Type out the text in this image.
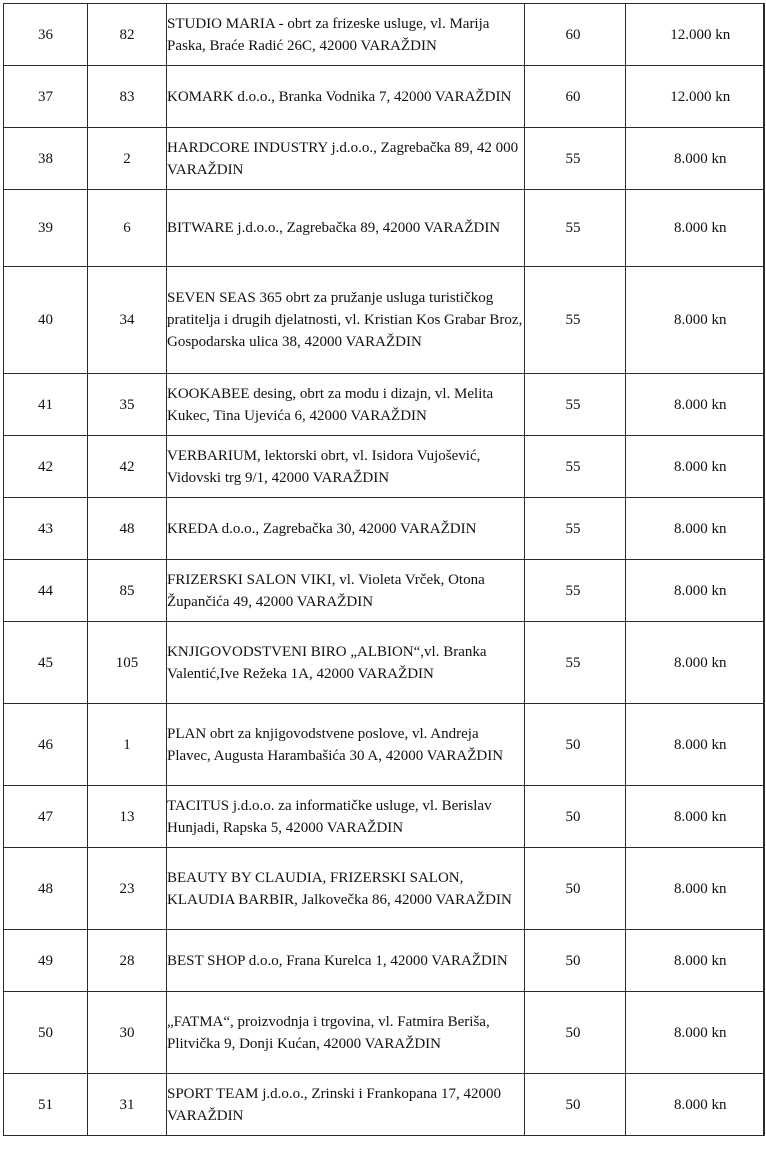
36	82	STUDIO MARIA - obrt za frizeske usluge, vl. Marija Paska, Braće Radić 26C, 42000 VARAŽDIN	60	12.000 kn
37	83	KOMARK d.o.o., Branka Vodnika 7, 42000 VARAŽDIN	60	12.000 kn
38	2	HARDCORE INDUSTRY j.d.o.o., Zagrebačka 89, 42 000 VARAŽDIN	55	8.000 kn
39	6	BITWARE j.d.o.o., Zagrebačka 89, 42000 VARAŽDIN	55	8.000 kn
40	34	SEVEN SEAS 365 obrt za pružanje usluga turističkog pratitelja i drugih djelatnosti, vl. Kristian Kos Grabar Broz, Gospodarska ulica 38, 42000 VARAŽDIN	55	8.000 kn
41	35	KOOKABEE desing, obrt za modu i dizajn, vl. Melita Kukec, Tina Ujevića 6, 42000 VARAŽDIN	55	8.000 kn
42	42	VERBARIUM, lektorski obrt, vl. Isidora Vujošević, Vidovski trg 9/1, 42000 VARAŽDIN	55	8.000 kn
43	48	KREDA d.o.o., Zagrebačka 30, 42000 VARAŽDIN	55	8.000 kn
44	85	FRIZERSKI SALON VIKI, vl. Violeta Vrček, Otona Župančića 49, 42000 VARAŽDIN	55	8.000 kn
45	105	KNJIGOVODSTVENI BIRO „ALBION“,vl. Branka Valentić,Ive Režeka 1A, 42000 VARAŽDIN	55	8.000 kn
46	1	PLAN obrt za knjigovodstvene poslove, vl. Andreja Plavec, Augusta Harambašića 30 A, 42000 VARAŽDIN	50	8.000 kn
47	13	TACITUS j.d.o.o. za informatičke usluge, vl. Berislav Hunjadi, Rapska 5, 42000 VARAŽDIN	50	8.000 kn
48	23	BEAUTY BY CLAUDIA, FRIZERSKI SALON, KLAUDIA BARBIR, Jalkovečka 86, 42000 VARAŽDIN	50	8.000 kn
49	28	BEST SHOP d.o.o, Frana Kurelca 1, 42000 VARAŽDIN	50	8.000 kn
50	30	„FATMA“, proizvodnja i trgovina, vl. Fatmira Beriša, Plitvička 9, Donji Kućan, 42000 VARAŽDIN	50	8.000 kn
51	31	SPORT TEAM j.d.o.o., Zrinski i Frankopana 17, 42000 VARAŽDIN	50	8.000 kn
